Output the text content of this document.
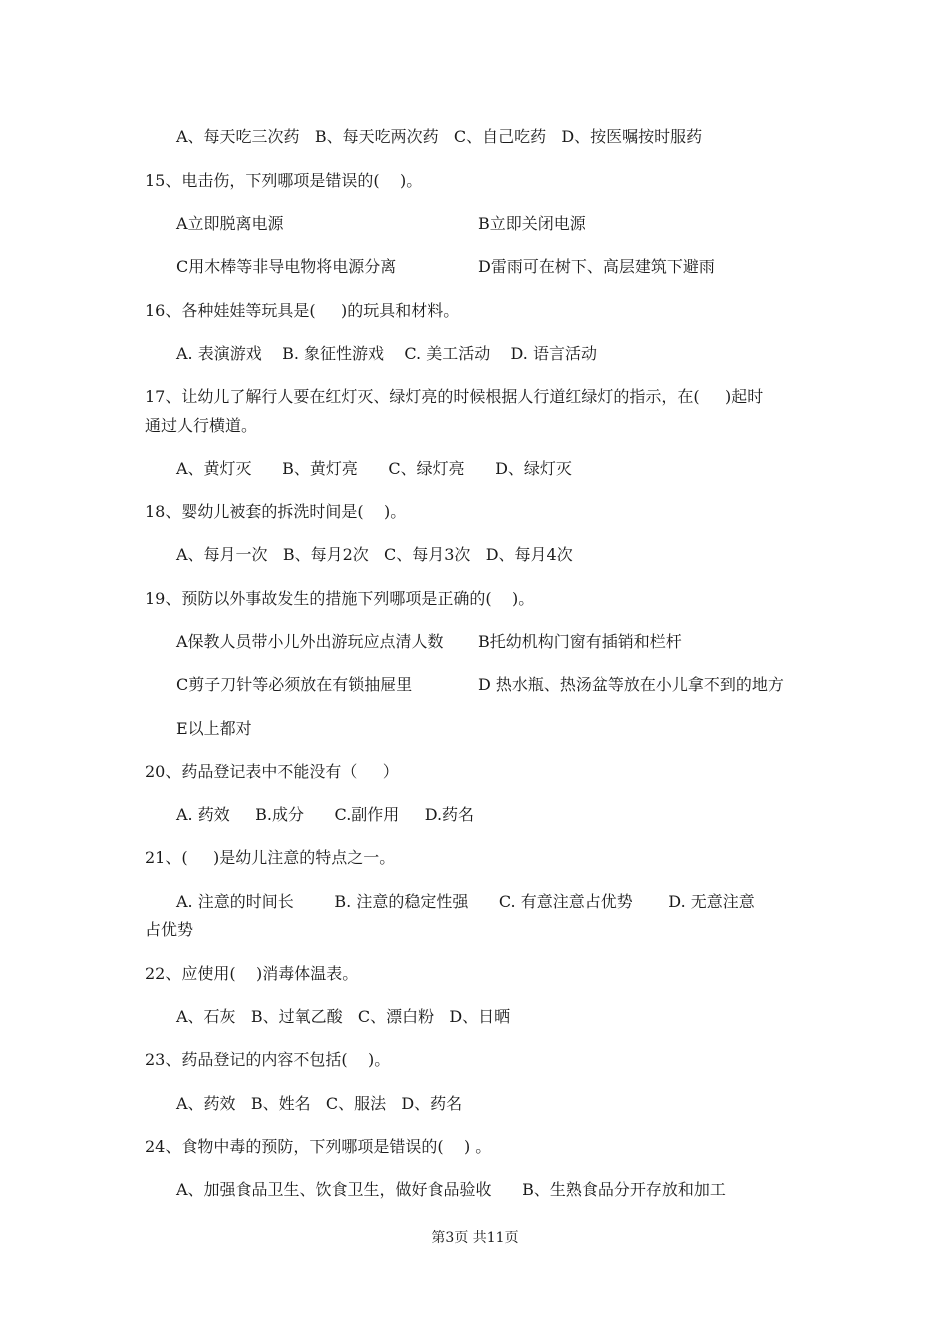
A、每天吃三次药   B、每天吃两次药   C、自己吃药   D、按医嘱按时服药
15、电击伤，下列哪项是错误的(    )。
A立即脱离电源	B立即关闭电源
C用木棒等非导电物将电源分离	D雷雨可在树下、高层建筑下避雨
16、各种娃娃等玩具是(     )的玩具和材料。
A. 表演游戏    B. 象征性游戏    C. 美工活动    D. 语言活动
17、让幼儿了解行人要在红灯灭、绿灯亮的时候根据人行道红绿灯的指示，在(     )起时
通过人行横道。
A、黄灯灭      B、黄灯亮      C、绿灯亮      D、绿灯灭
18、婴幼儿被套的拆洗时间是(    )。
A、每月一次   B、每月2次   C、每月3次   D、每月4次
19、预防以外事故发生的措施下列哪项是正确的(    )。
A保教人员带小儿外出游玩应点清人数 B托幼机构门窗有插销和栏杆
C剪子刀针等必须放在有锁抽屉里	D 热水瓶、热汤盆等放在小儿拿不到的地方
E以上都对
20、药品登记表中不能没有（     ）
A. 药效     B.成分      C.副作用     D.药名
21、(     )是幼儿注意的特点之一。
A. 注意的时间长        B. 注意的稳定性强      C. 有意注意占优势       D. 无意注意
占优势
22、应使用(    )消毒体温表。
A、石灰   B、过氧乙酸   C、漂白粉   D、日晒
23、药品登记的内容不包括(    )。
A、药效   B、姓名   C、服法   D、药名
24、食物中毒的预防，下列哪项是错误的(    ) 。
A、加强食品卫生、饮食卫生，做好食品验收      B、生熟食品分开存放和加工
第3页 共11页
